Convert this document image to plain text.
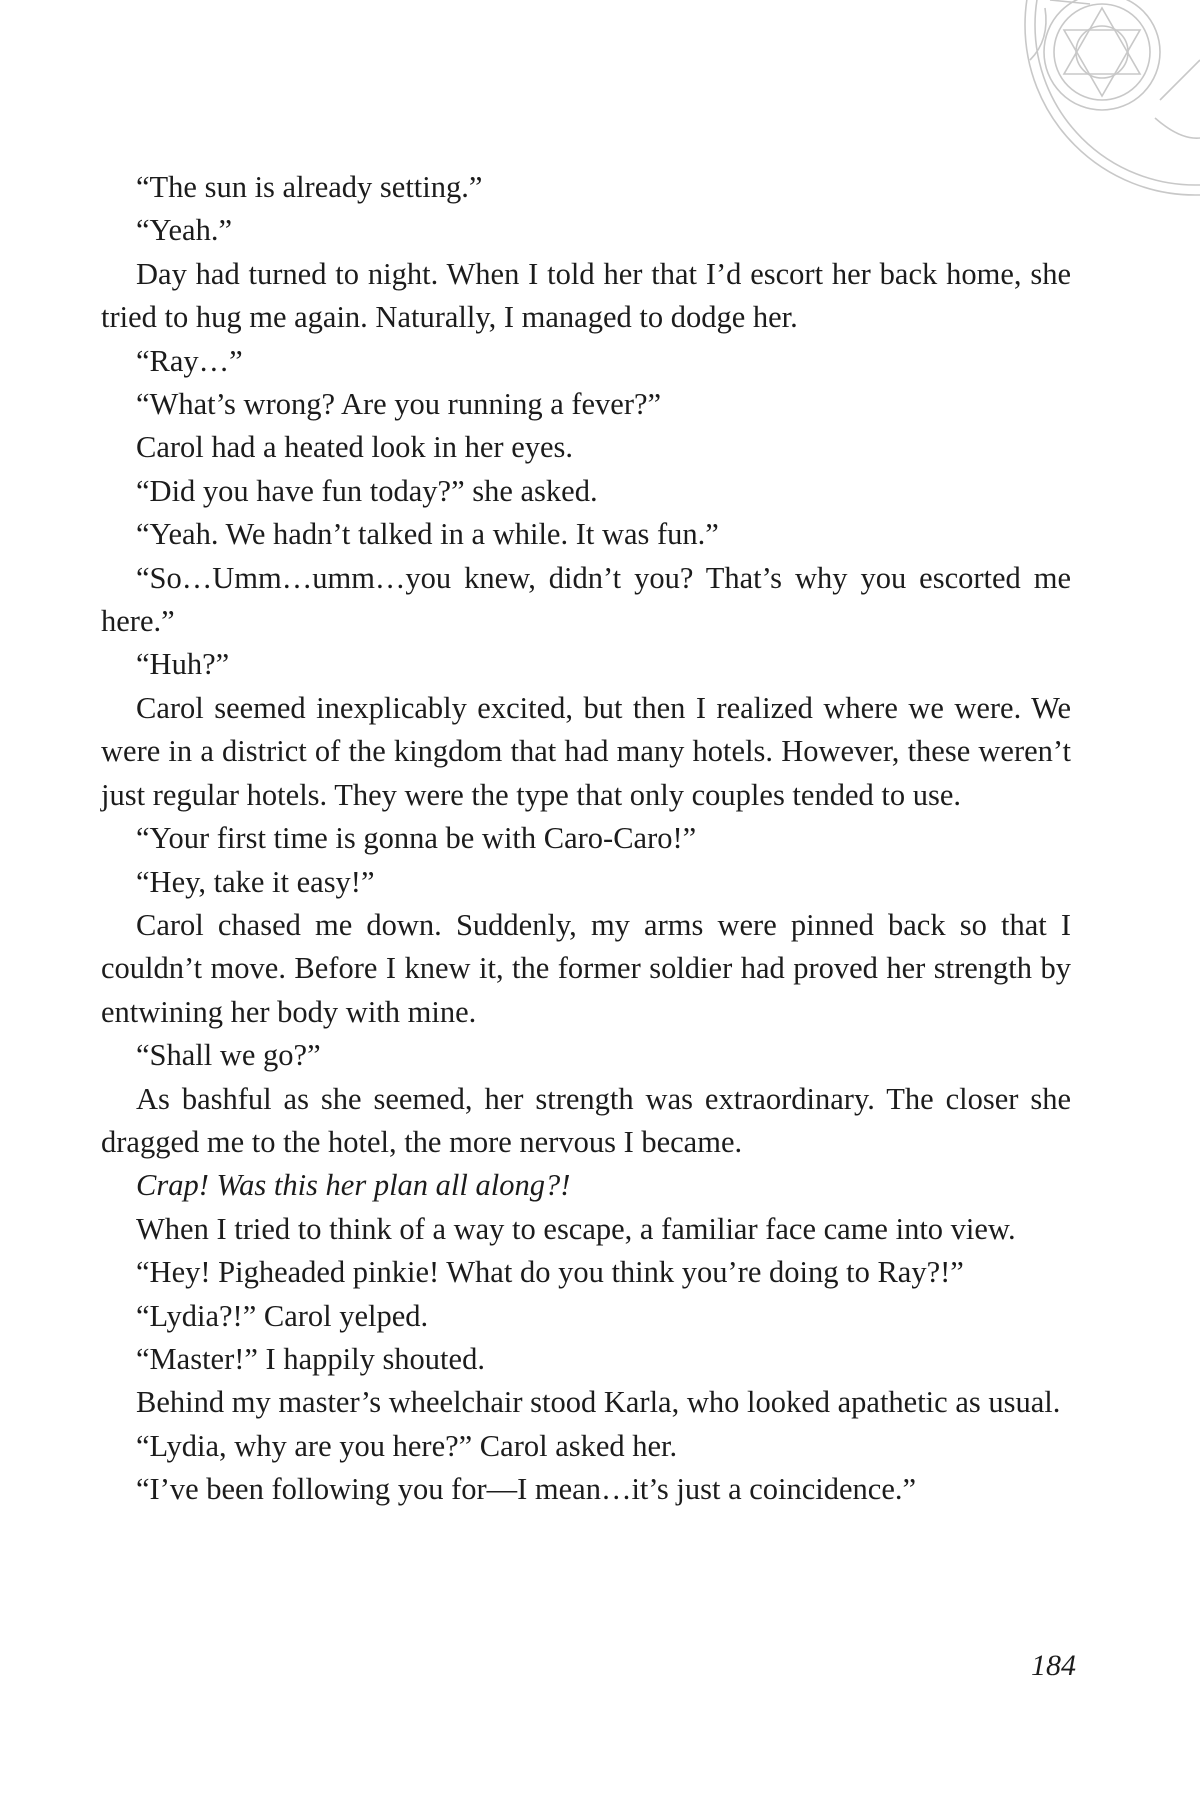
“The sun is already setting.”

“Yeah.”

Day had turned to night. When I told her that I’d escort her back home, she tried to hug me again. Naturally, I managed to dodge her.

“Ray…”

“What’s wrong? Are you running a fever?”

Carol had a heated look in her eyes.

“Did you have fun today?” she asked.

“Yeah. We hadn’t talked in a while. It was fun.”

“So…Umm…umm…you knew, didn’t you? That’s why you escorted me here.”

“Huh?”

Carol seemed inexplicably excited, but then I realized where we were. We were in a district of the kingdom that had many hotels. However, these weren’t just regular hotels. They were the type that only couples tended to use.

“Your first time is gonna be with Caro-Caro!”

“Hey, take it easy!”

Carol chased me down. Suddenly, my arms were pinned back so that I couldn’t move. Before I knew it, the former soldier had proved her strength by entwining her body with mine.

“Shall we go?”

As bashful as she seemed, her strength was extraordinary. The closer she dragged me to the hotel, the more nervous I became.

Crap! Was this her plan all along?!

When I tried to think of a way to escape, a familiar face came into view.

“Hey! Pigheaded pinkie! What do you think you’re doing to Ray?!”

“Lydia?!” Carol yelped.

“Master!” I happily shouted.

Behind my master’s wheelchair stood Karla, who looked apathetic as usual.

“Lydia, why are you here?” Carol asked her.

“I’ve been following you for—I mean…it’s just a coincidence.”

184
